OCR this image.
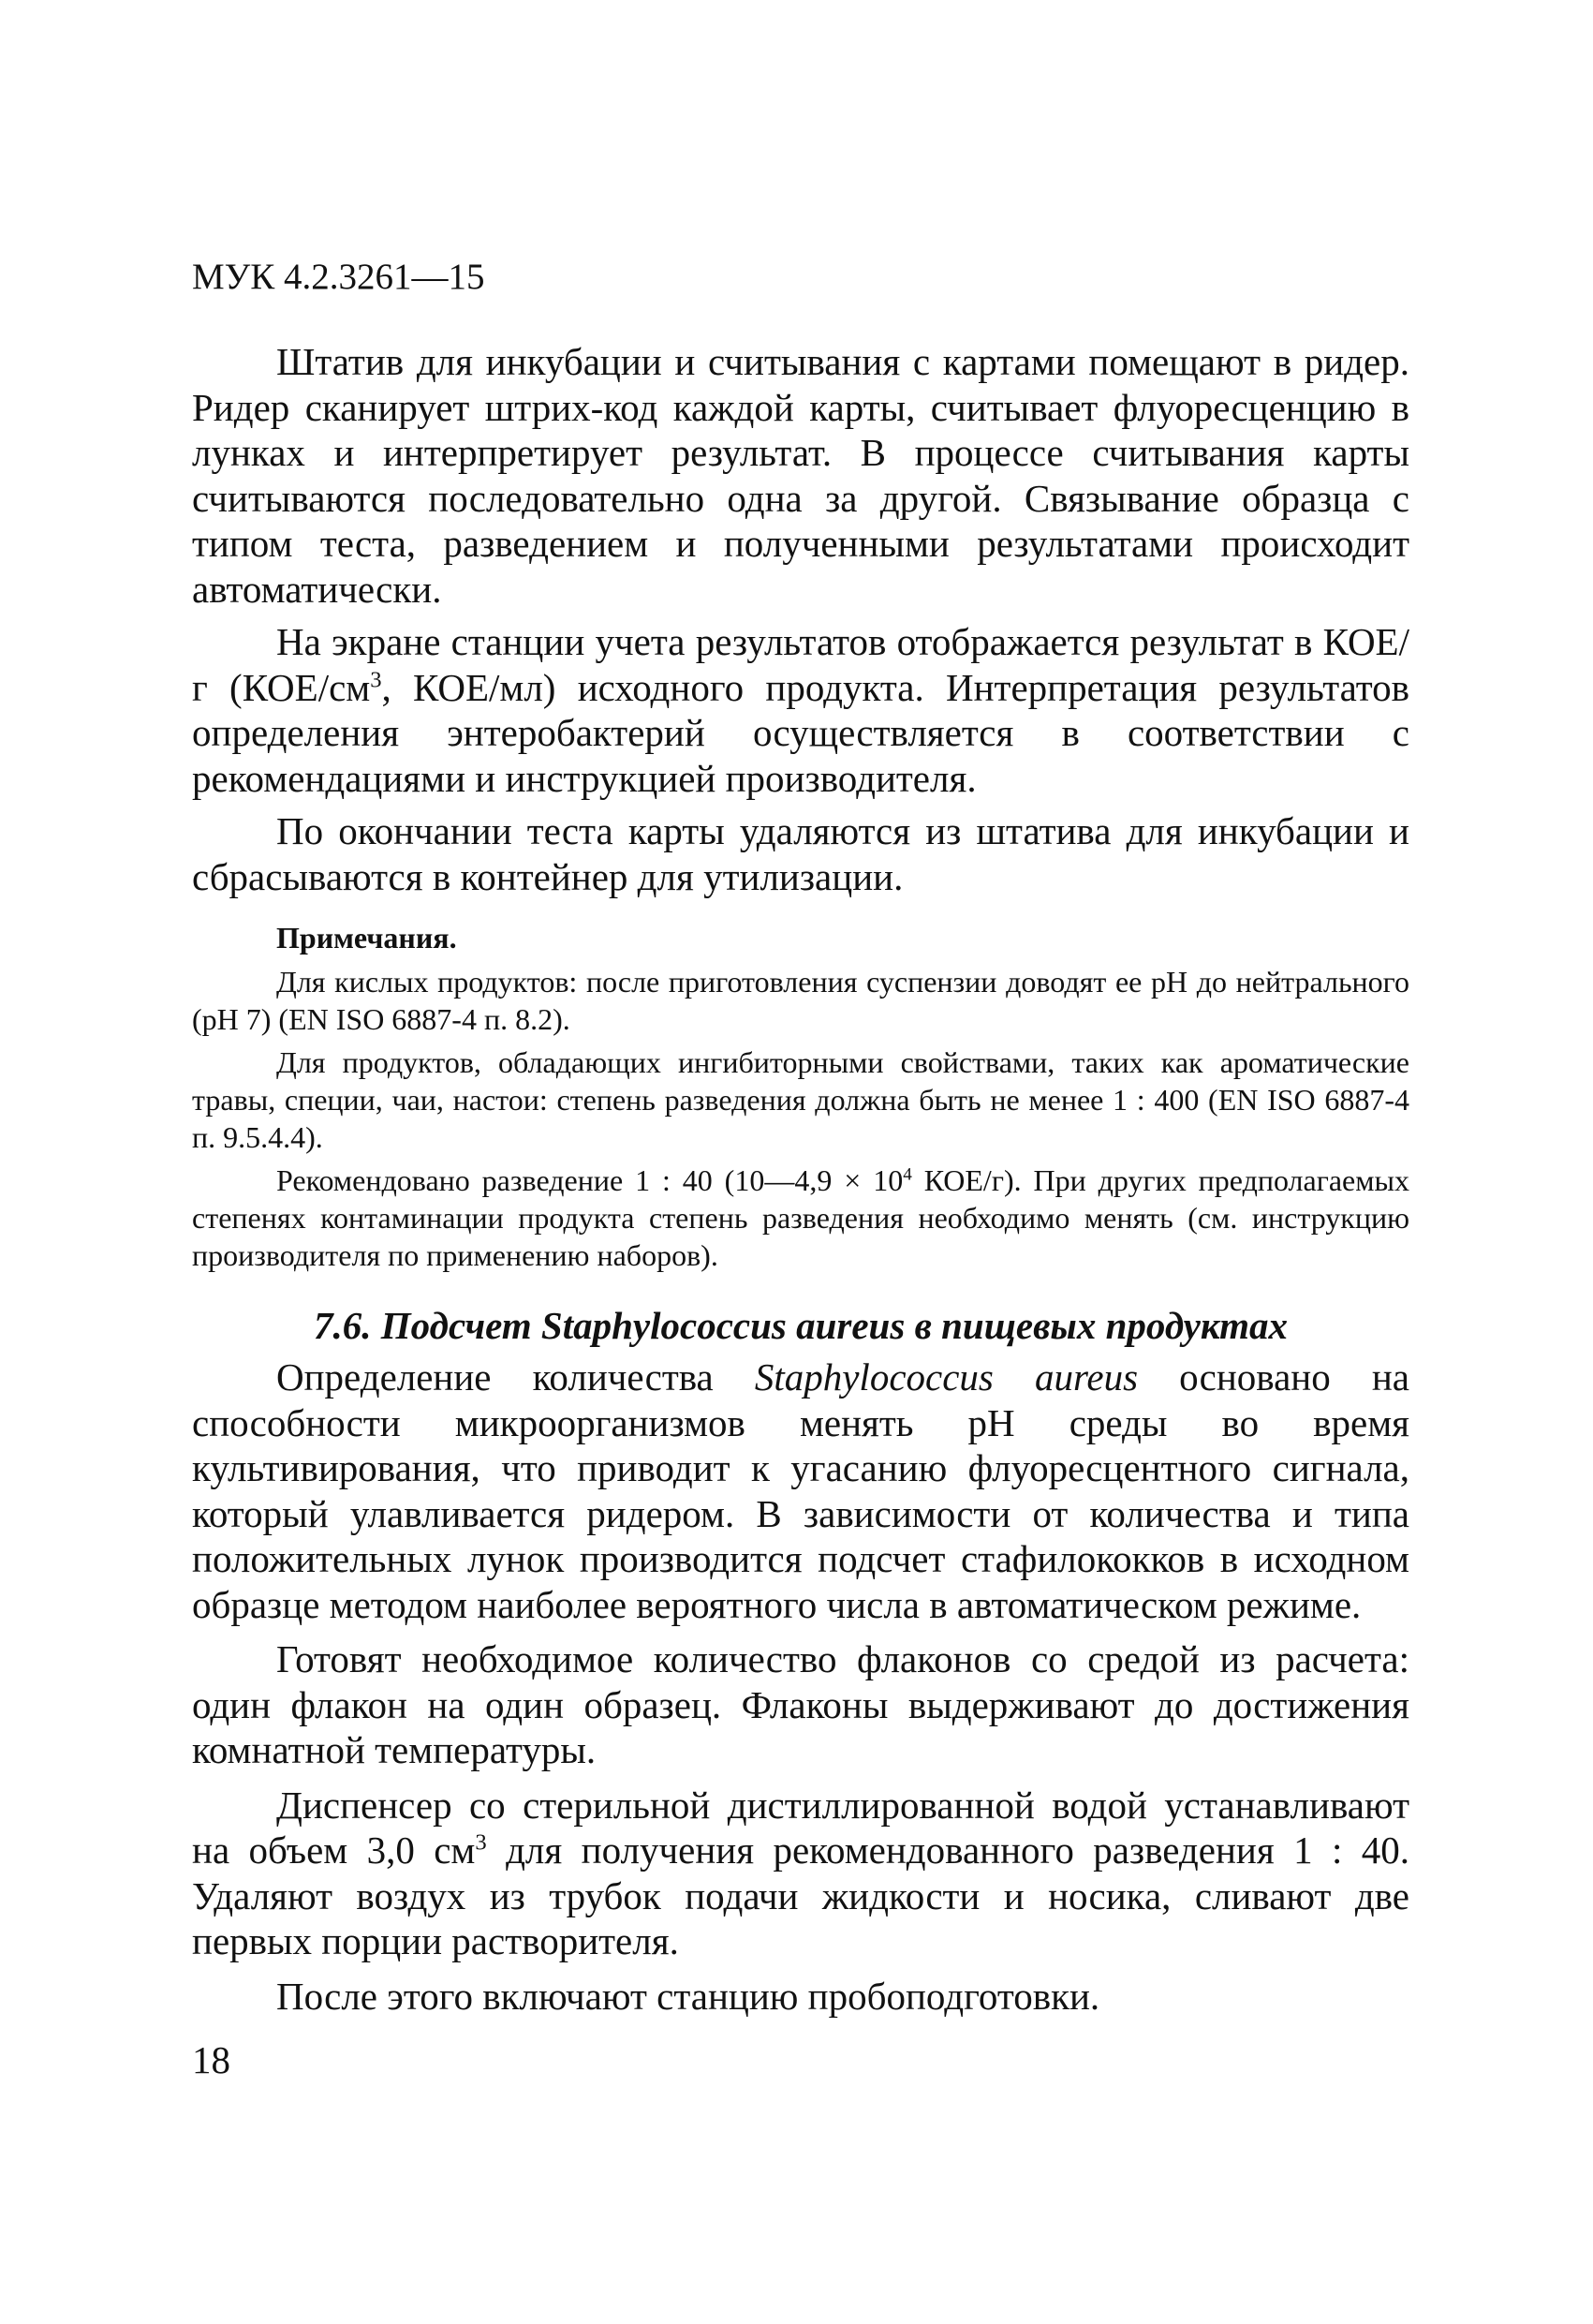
МУК 4.2.3261—15

Штатив для инкубации и считывания с картами помещают в ридер. Ридер сканирует штрих-код каждой карты, считывает флуоресценцию в лунках и интерпретирует результат. В процессе считывания карты считываются последовательно одна за другой. Связывание образца с типом теста, разведением и полученными результатами происходит автоматически.

На экране станции учета результатов отображается результат в КОЕ/г ($КОЕ/см^3$, КОЕ/мл) исходного продукта. Интерпретация результатов определения энтеробактерий осуществляется в соответствии с рекомендациями и инструкцией производителя.

По окончании теста карты удаляются из штатива для инкубации и сбрасываются в контейнер для утилизации.

Примечания.

Для кислых продуктов: после приготовления суспензии доводят ее pH до нейтрального (pH 7) (EN ISO 6887-4 п. 8.2).

Для продуктов, обладающих ингибиторными свойствами, таких как ароматические травы, специи, чаи, настои: степень разведения должна быть не менее 1 : 400 (EN ISO 6887-4 п. 9.5.4.4).

Рекомендовано разведение 1 : 40 (10—4,9 × $10^4$ КОЕ/г). При других предполагаемых степенях контаминации продукта степень разведения необходимо менять (см. инструкцию производителя по применению наборов).

7.6. Подсчет Staphylococcus aureus в пищевых продуктах

Определение количества Staphylococcus aureus основано на способности микроорганизмов менять pH среды во время культивирования, что приводит к угасанию флуоресцентного сигнала, который улавливается ридером. В зависимости от количества и типа положительных лунок производится подсчет стафилококков в исходном образце методом наиболее вероятного числа в автоматическом режиме.

Готовят необходимое количество флаконов со средой из расчета: один флакон на один образец. Флаконы выдерживают до достижения комнатной температуры.

Диспенсер со стерильной дистиллированной водой устанавливают на объем 3,0 $см^3$ для получения рекомендованного разведения 1 : 40. Удаляют воздух из трубок подачи жидкости и носика, сливают две первых порции растворителя.

После этого включают станцию пробоподготовки.

18
